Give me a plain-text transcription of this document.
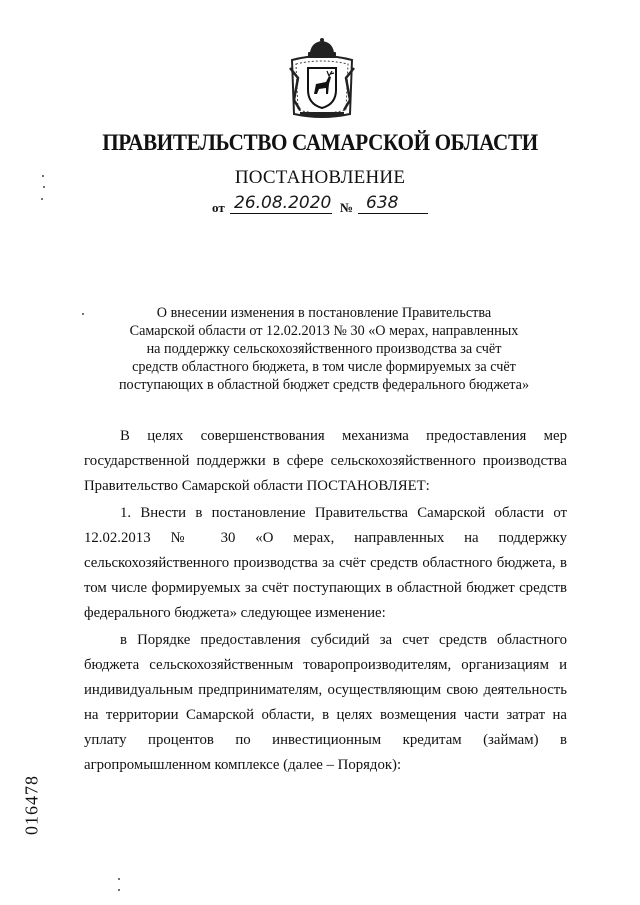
ПРАВИТЕЛЬСТВО САМАРСКОЙ ОБЛАСТИ
ПОСТАНОВЛЕНИЕ
от 26.08.2020 № 638
О внесении изменения в постановление Правительства
Самарской области от 12.02.2013 № 30 «О мерах, направленных
на поддержку сельскохозяйственного производства за счёт
средств областного бюджета, в том числе формируемых за счёт
поступающих в областной бюджет средств федерального бюджета»

В целях совершенствования механизма предоставления мер государственной поддержки в сфере сельскохозяйственного производства Правительство Самарской области ПОСТАНОВЛЯЕТ:

1. Внести в постановление Правительства Самарской области от 12.02.2013 № 30 «О мерах, направленных на поддержку сельскохозяйственного производства за счёт средств областного бюджета, в том числе формируемых за счёт поступающих в областной бюджет средств федерального бюджета» следующее изменение:

в Порядке предоставления субсидий за счет средств областного бюджета сельскохозяйственным товаропроизводителям, организациям и индивидуальным предпринимателям, осуществляющим свою деятельность на территории Самарской области, в целях возмещения части затрат на уплату процентов по инвестиционным кредитам (займам) в агропромышленном комплексе (далее – Порядок):

016478
